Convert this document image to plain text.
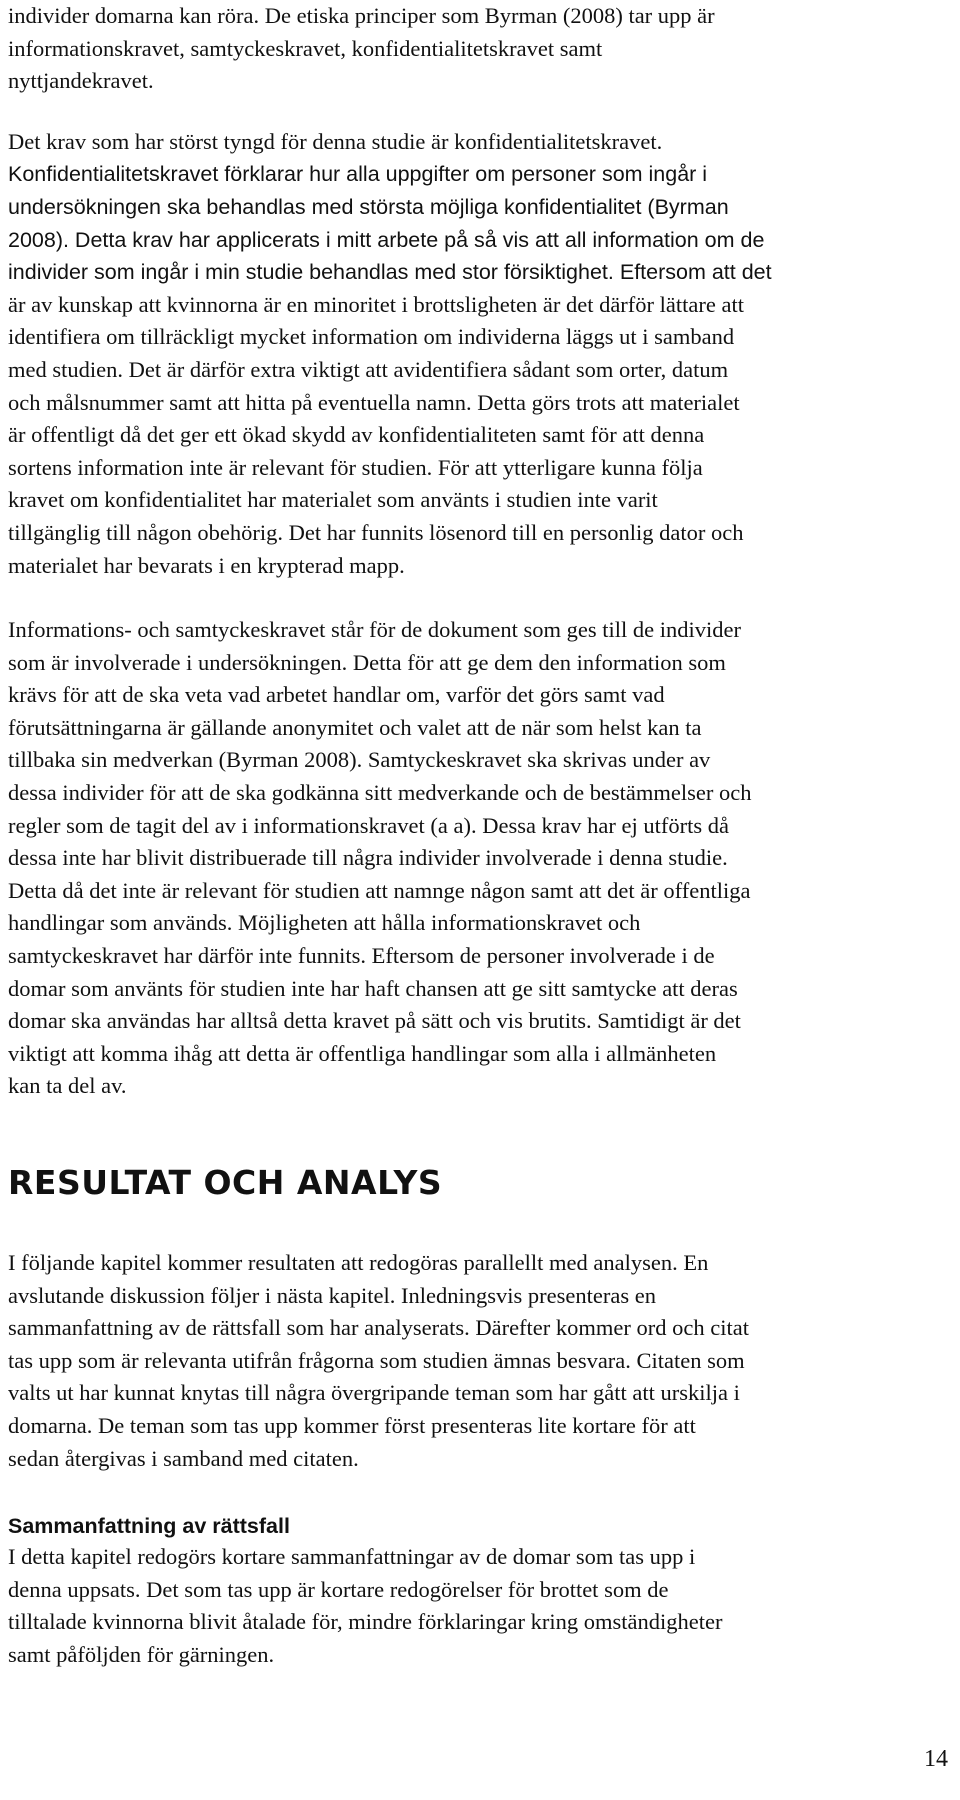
individer domarna kan röra. De etiska principer som Byrman (2008) tar upp är
informationskravet, samtyckeskravet, konfidentialitetskravet samt
nyttjandekravet.

Det krav som har störst tyngd för denna studie är konfidentialitetskravet.
Konfidentialitetskravet förklarar hur alla uppgifter om personer som ingår i
undersökningen ska behandlas med största möjliga konfidentialitet (Byrman
2008). Detta krav har applicerats i mitt arbete på så vis att all information om de
individer som ingår i min studie behandlas med stor försiktighet. Eftersom att det
är av kunskap att kvinnorna är en minoritet i brottsligheten är det därför lättare att
identifiera om tillräckligt mycket information om individerna läggs ut i samband
med studien. Det är därför extra viktigt att avidentifiera sådant som orter, datum
och målsnummer samt att hitta på eventuella namn. Detta görs trots att materialet
är offentligt då det ger ett ökad skydd av konfidentialiteten samt för att denna
sortens information inte är relevant för studien. För att ytterligare kunna följa
kravet om konfidentialitet har materialet som använts i studien inte varit
tillgänglig till någon obehörig. Det har funnits lösenord till en personlig dator och
materialet har bevarats i en krypterad mapp.

Informations- och samtyckeskravet står för de dokument som ges till de individer
som är involverade i undersökningen. Detta för att ge dem den information som
krävs för att de ska veta vad arbetet handlar om, varför det görs samt vad
förutsättningarna är gällande anonymitet och valet att de när som helst kan ta
tillbaka sin medverkan (Byrman 2008). Samtyckeskravet ska skrivas under av
dessa individer för att de ska godkänna sitt medverkande och de bestämmelser och
regler som de tagit del av i informationskravet (a a). Dessa krav har ej utförts då
dessa inte har blivit distribuerade till några individer involverade i denna studie.
Detta då det inte är relevant för studien att namnge någon samt att det är offentliga
handlingar som används. Möjligheten att hålla informationskravet och
samtyckeskravet har därför inte funnits. Eftersom de personer involverade i de
domar som använts för studien inte har haft chansen att ge sitt samtycke att deras
domar ska användas har alltså detta kravet på sätt och vis brutits. Samtidigt är det
viktigt att komma ihåg att detta är offentliga handlingar som alla i allmänheten
kan ta del av.

RESULTAT OCH ANALYS

I följande kapitel kommer resultaten att redogöras parallellt med analysen. En
avslutande diskussion följer i nästa kapitel. Inledningsvis presenteras en
sammanfattning av de rättsfall som har analyserats. Därefter kommer ord och citat
tas upp som är relevanta utifrån frågorna som studien ämnas besvara. Citaten som
valts ut har kunnat knytas till några övergripande teman som har gått att urskilja i
domarna. De teman som tas upp kommer först presenteras lite kortare för att
sedan återgivas i samband med citaten.

Sammanfattning av rättsfall

I detta kapitel redogörs kortare sammanfattningar av de domar som tas upp i
denna uppsats. Det som tas upp är kortare redogörelser för brottet som de
tilltalade kvinnorna blivit åtalade för, mindre förklaringar kring omständigheter
samt påföljden för gärningen.

14
